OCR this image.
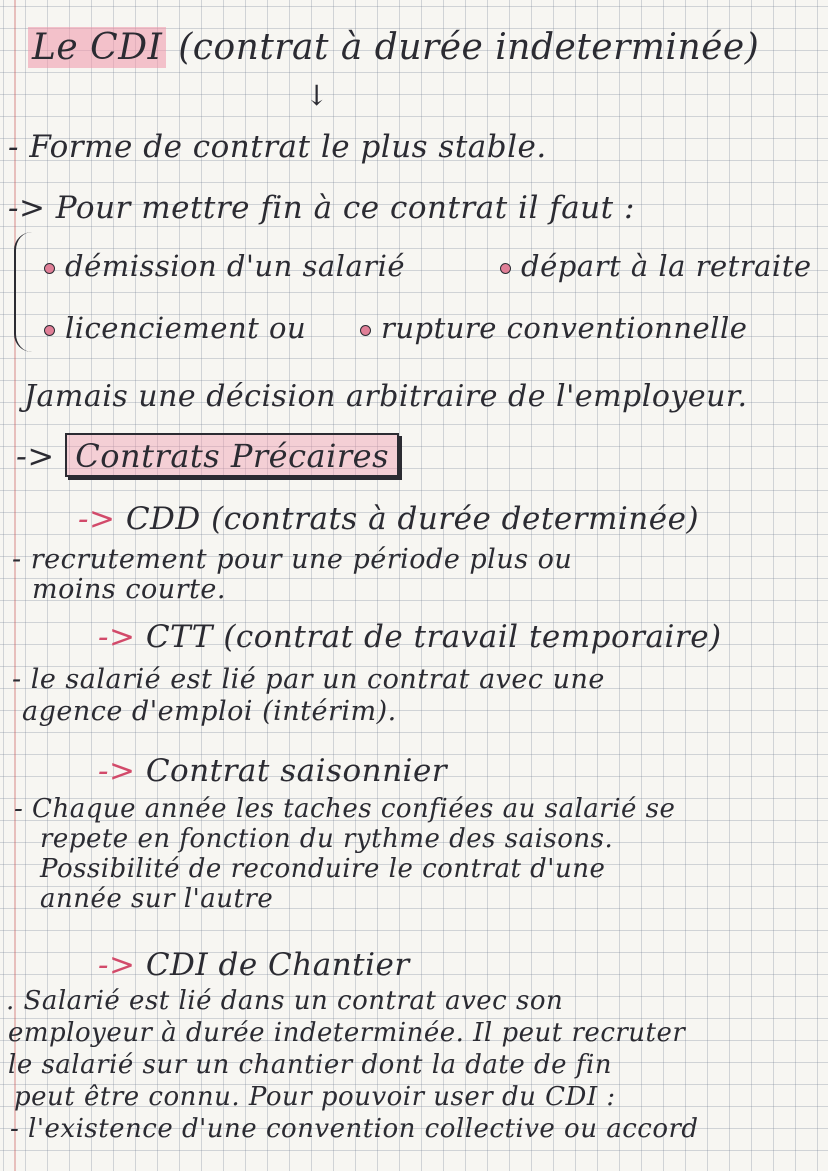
Le CDI (contrat à durée indeterminée)
↓
- Forme de contrat le plus stable.
-> Pour mettre fin à ce contrat il faut :
démission d'un salarié	départ à la retraite
licenciement ou	rupture conventionnelle
Jamais une décision arbitraire de l'employeur.
-> Contrats Précaires
-> CDD (contrats à durée determinée)
- recrutement pour une période plus ou
moins courte.
-> CTT (contrat de travail temporaire)
- le salarié est lié par un contrat avec une
agence d'emploi (intérim).
-> Contrat saisonnier
- Chaque année les taches confiées au salarié se
repete en fonction du rythme des saisons.
Possibilité de reconduire le contrat d'une
année sur l'autre
-> CDI de Chantier
. Salarié est lié dans un contrat avec son
employeur à durée indeterminée. Il peut recruter
le salarié sur un chantier dont la date de fin
peut être connu. Pour pouvoir user du CDI :
- l'existence d'une convention collective ou accord
